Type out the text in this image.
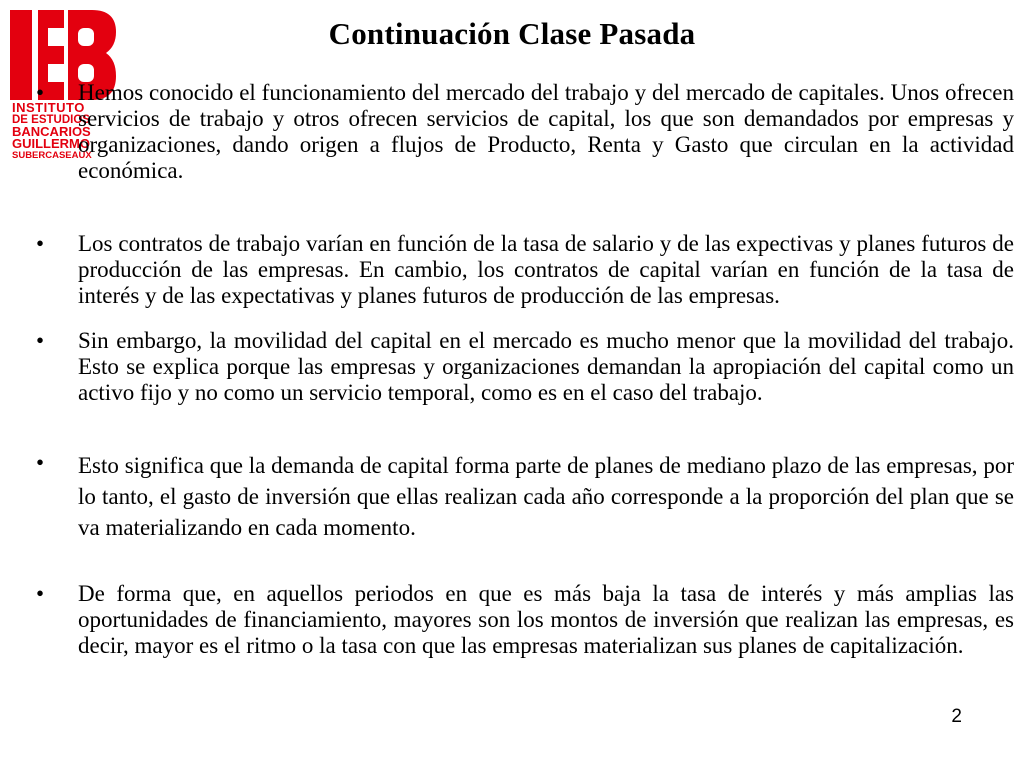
INSTITUTO
DE ESTUDIOS
BANCARIOS
GUILLERMO
SUBERCASEAUX
Continuación Clase Pasada
•	Hemos conocido el funcionamiento del mercado del trabajo y del mercado de capitales. Unos ofrecen servicios de trabajo y otros ofrecen servicios de capital, los que son demandados por empresas y organizaciones, dando origen a flujos de Producto, Renta y Gasto que circulan en la actividad económica.
•	Los contratos de trabajo varían en función de la tasa de salario y de las expectivas y planes futuros de producción de las empresas. En cambio, los contratos de capital varían en función de la tasa de interés y de las expectativas y planes futuros de producción de las empresas.
•	Sin embargo, la movilidad del capital en el mercado es mucho menor que la movilidad del trabajo. Esto se explica porque las empresas y organizaciones demandan la apropiación del capital como un activo fijo y no como un servicio temporal, como es en el caso del trabajo.
•	Esto significa que la demanda de capital forma parte de planes de mediano plazo de las empresas, por lo tanto, el gasto de inversión que ellas realizan cada año corresponde a la proporción del plan que se va materializando en cada momento.
•	De forma que, en aquellos periodos en que es más baja la tasa de interés y más amplias las oportunidades de financiamiento, mayores son los montos de inversión que realizan las empresas, es decir, mayor es el ritmo o la tasa con que las empresas materializan sus planes de capitalización.
2
